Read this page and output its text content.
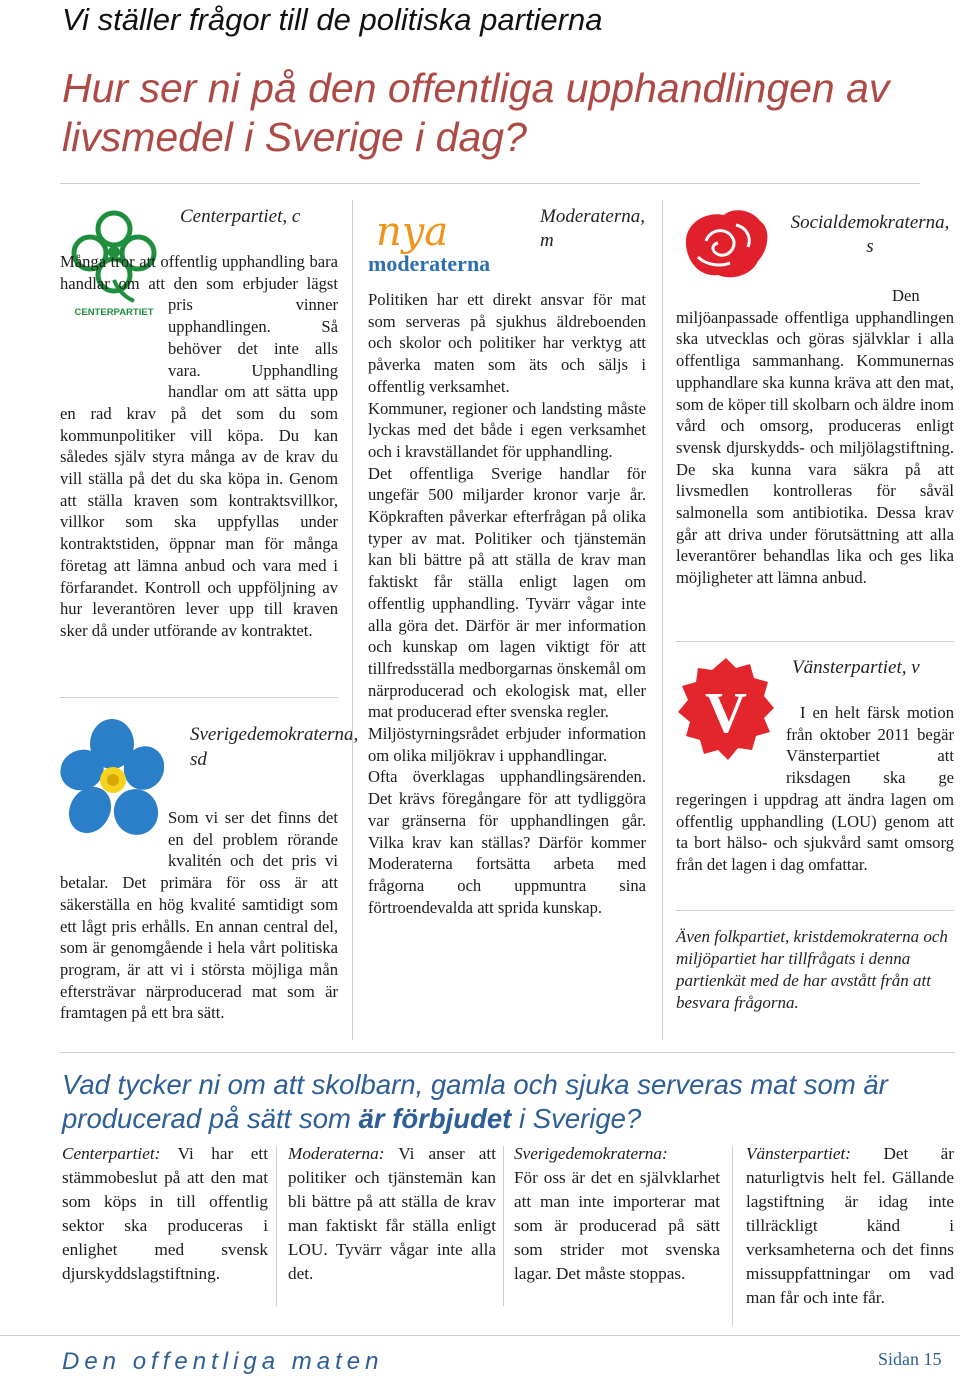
Vi ställer frågor till de politiska partierna
Hur ser ni på den offentliga upphandlingen av livsmedel i Sverige i dag?
CENTERPARTIET
Centerpartiet, c

Många tror att offentlig upphandling bara handlar om att den som erbjuder lägst pris vinner upphandlingen. Så behöver det inte alls vara. Upphandling handlar om att sätta upp en rad krav på det som du som kommunpolitiker vill köpa. Du kan således själv styra många av de krav du vill ställa på det du ska köpa in. Genom att ställa kraven som kontraktsvillkor, villkor som ska uppfyllas under kontraktstiden, öppnar man för många företag att lämna anbud och vara med i förfarandet. Kontroll och uppföljning av hur leverantören lever upp till kraven sker då under utförande av kontraktet.

Sverigedemokraterna, sd

Som vi ser det finns det en del problem rörande kvalitén och det pris vi betalar. Det primära för oss är att säkerställa en hög kvalité samtidigt som ett lågt pris erhålls. En annan central del, som är genomgående i hela vårt politiska program, är att vi i största möjliga mån eftersträvar närproducerad mat som är framtagen på ett bra sätt.

nya
moderaterna
Moderaterna, m

Politiken har ett direkt ansvar för mat som serveras på sjukhus äldreboenden och skolor och politiker har verktyg att påverka maten som äts och säljs i offentlig verksamhet.

Kommuner, regioner och landsting måste lyckas med det både i egen verksamhet och i kravställandet för upphandling.

Det offentliga Sverige handlar för ungefär 500 miljarder kronor varje år. Köpkraften påverkar efterfrågan på olika typer av mat. Politiker och tjänstemän kan bli bättre på att ställa de krav man faktiskt får ställa enligt lagen om offentlig upphandling. Tyvärr vågar inte alla göra det. Därför är mer information och kunskap om lagen viktigt för att tillfredsställa medborgarnas önskemål om närproducerad och ekologisk mat, eller mat producerad efter svenska regler.

Miljöstyrningsrådet erbjuder information om olika miljökrav i upphandlingar.

Ofta överklagas upphandlingsärenden. Det krävs föregångare för att tydliggöra var gränserna för upphandlingen går. Vilka krav kan ställas? Därför kommer Moderaterna fortsätta arbeta med frågorna och uppmuntra sina förtroendevalda att sprida kunskap.

Socialdemokraterna, s

Den miljöanpassade offentliga upphandlingen ska utvecklas och göras självklar i alla offentliga sammanhang. Kommunernas upphandlare ska kunna kräva att den mat, som de köper till skolbarn och äldre inom vård och omsorg, produceras enligt svensk djurskydds- och miljölagstiftning. De ska kunna vara säkra på att livsmedlen kontrolleras för såväl salmonella som antibiotika. Dessa krav går att driva under förutsättning att alla leverantörer behandlas lika och ges lika möjligheter att lämna anbud.

V
Vänsterpartiet, v

I en helt färsk motion från oktober 2011 begär Vänsterpartiet att riksdagen ska ge regeringen i uppdrag att ändra lagen om offentlig upphandling (LOU) genom att ta bort hälso- och sjukvård samt omsorg från det lagen i dag omfattar.

Även folkpartiet, kristdemokraterna och miljöpartiet har tillfrågats i denna partienkät med de har avstått från att besvara frågorna.
Vad tycker ni om att skolbarn, gamla och sjuka serveras mat som är producerad på sätt som är förbjudet i Sverige?

Centerpartiet: Vi har ett stämmobeslut på att den mat som köps in till offentlig sektor ska produceras i enlighet med svensk djurskyddslagstiftning.

Moderaterna: Vi anser att politiker och tjänstemän kan bli bättre på att ställa de krav man faktiskt får ställa enligt LOU. Tyvärr vågar inte alla det.

Sverigedemokraterna:

För oss är det en självklarhet att man inte importerar mat som är producerad på sätt som strider mot svenska lagar. Det måste stoppas.

Vänsterpartiet: Det är naturligtvis helt fel. Gällande lagstiftning är idag inte tillräckligt känd i verksamheterna och det finns missuppfattningar om vad man får och inte får.

Den offentliga maten	Sidan 15
